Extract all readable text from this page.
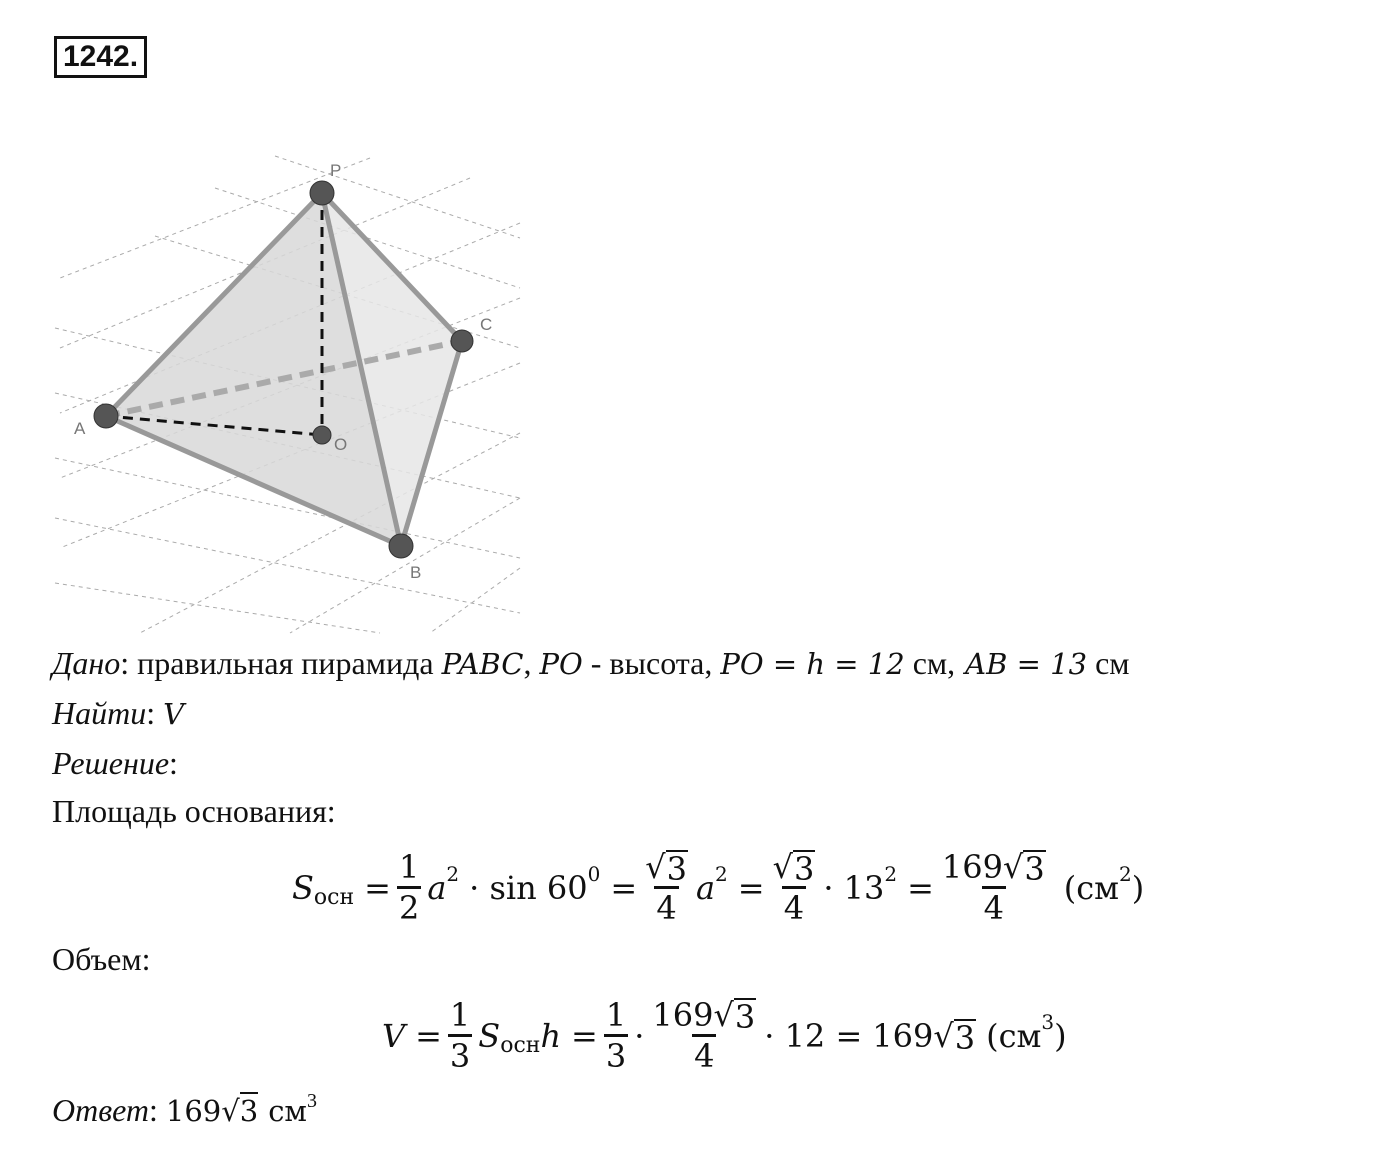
1242.
P
C
A
O
B
Дано: правильная пирамида PABC, PO - высота, PO = h = 12 см, AB = 13 см
Найти: V
Решение:
Площадь основания:
S осн = $\frac{1}{2}$ a 2 · sin 60 $0 = \frac{√ 3}{4}$ a $2 = \frac{√ 3}{4} \cdot 13$ $2 = \frac{169 √ 3}{4} (см$ 2 )
Объем:
$V = \frac{1}{3}$ S осн $h = \frac{1}{3} \cdot \frac{169 √ 3}{4} \cdot 12 = 169$ √ 3 (см 3 )
Ответ: 169√3 $см^3$
